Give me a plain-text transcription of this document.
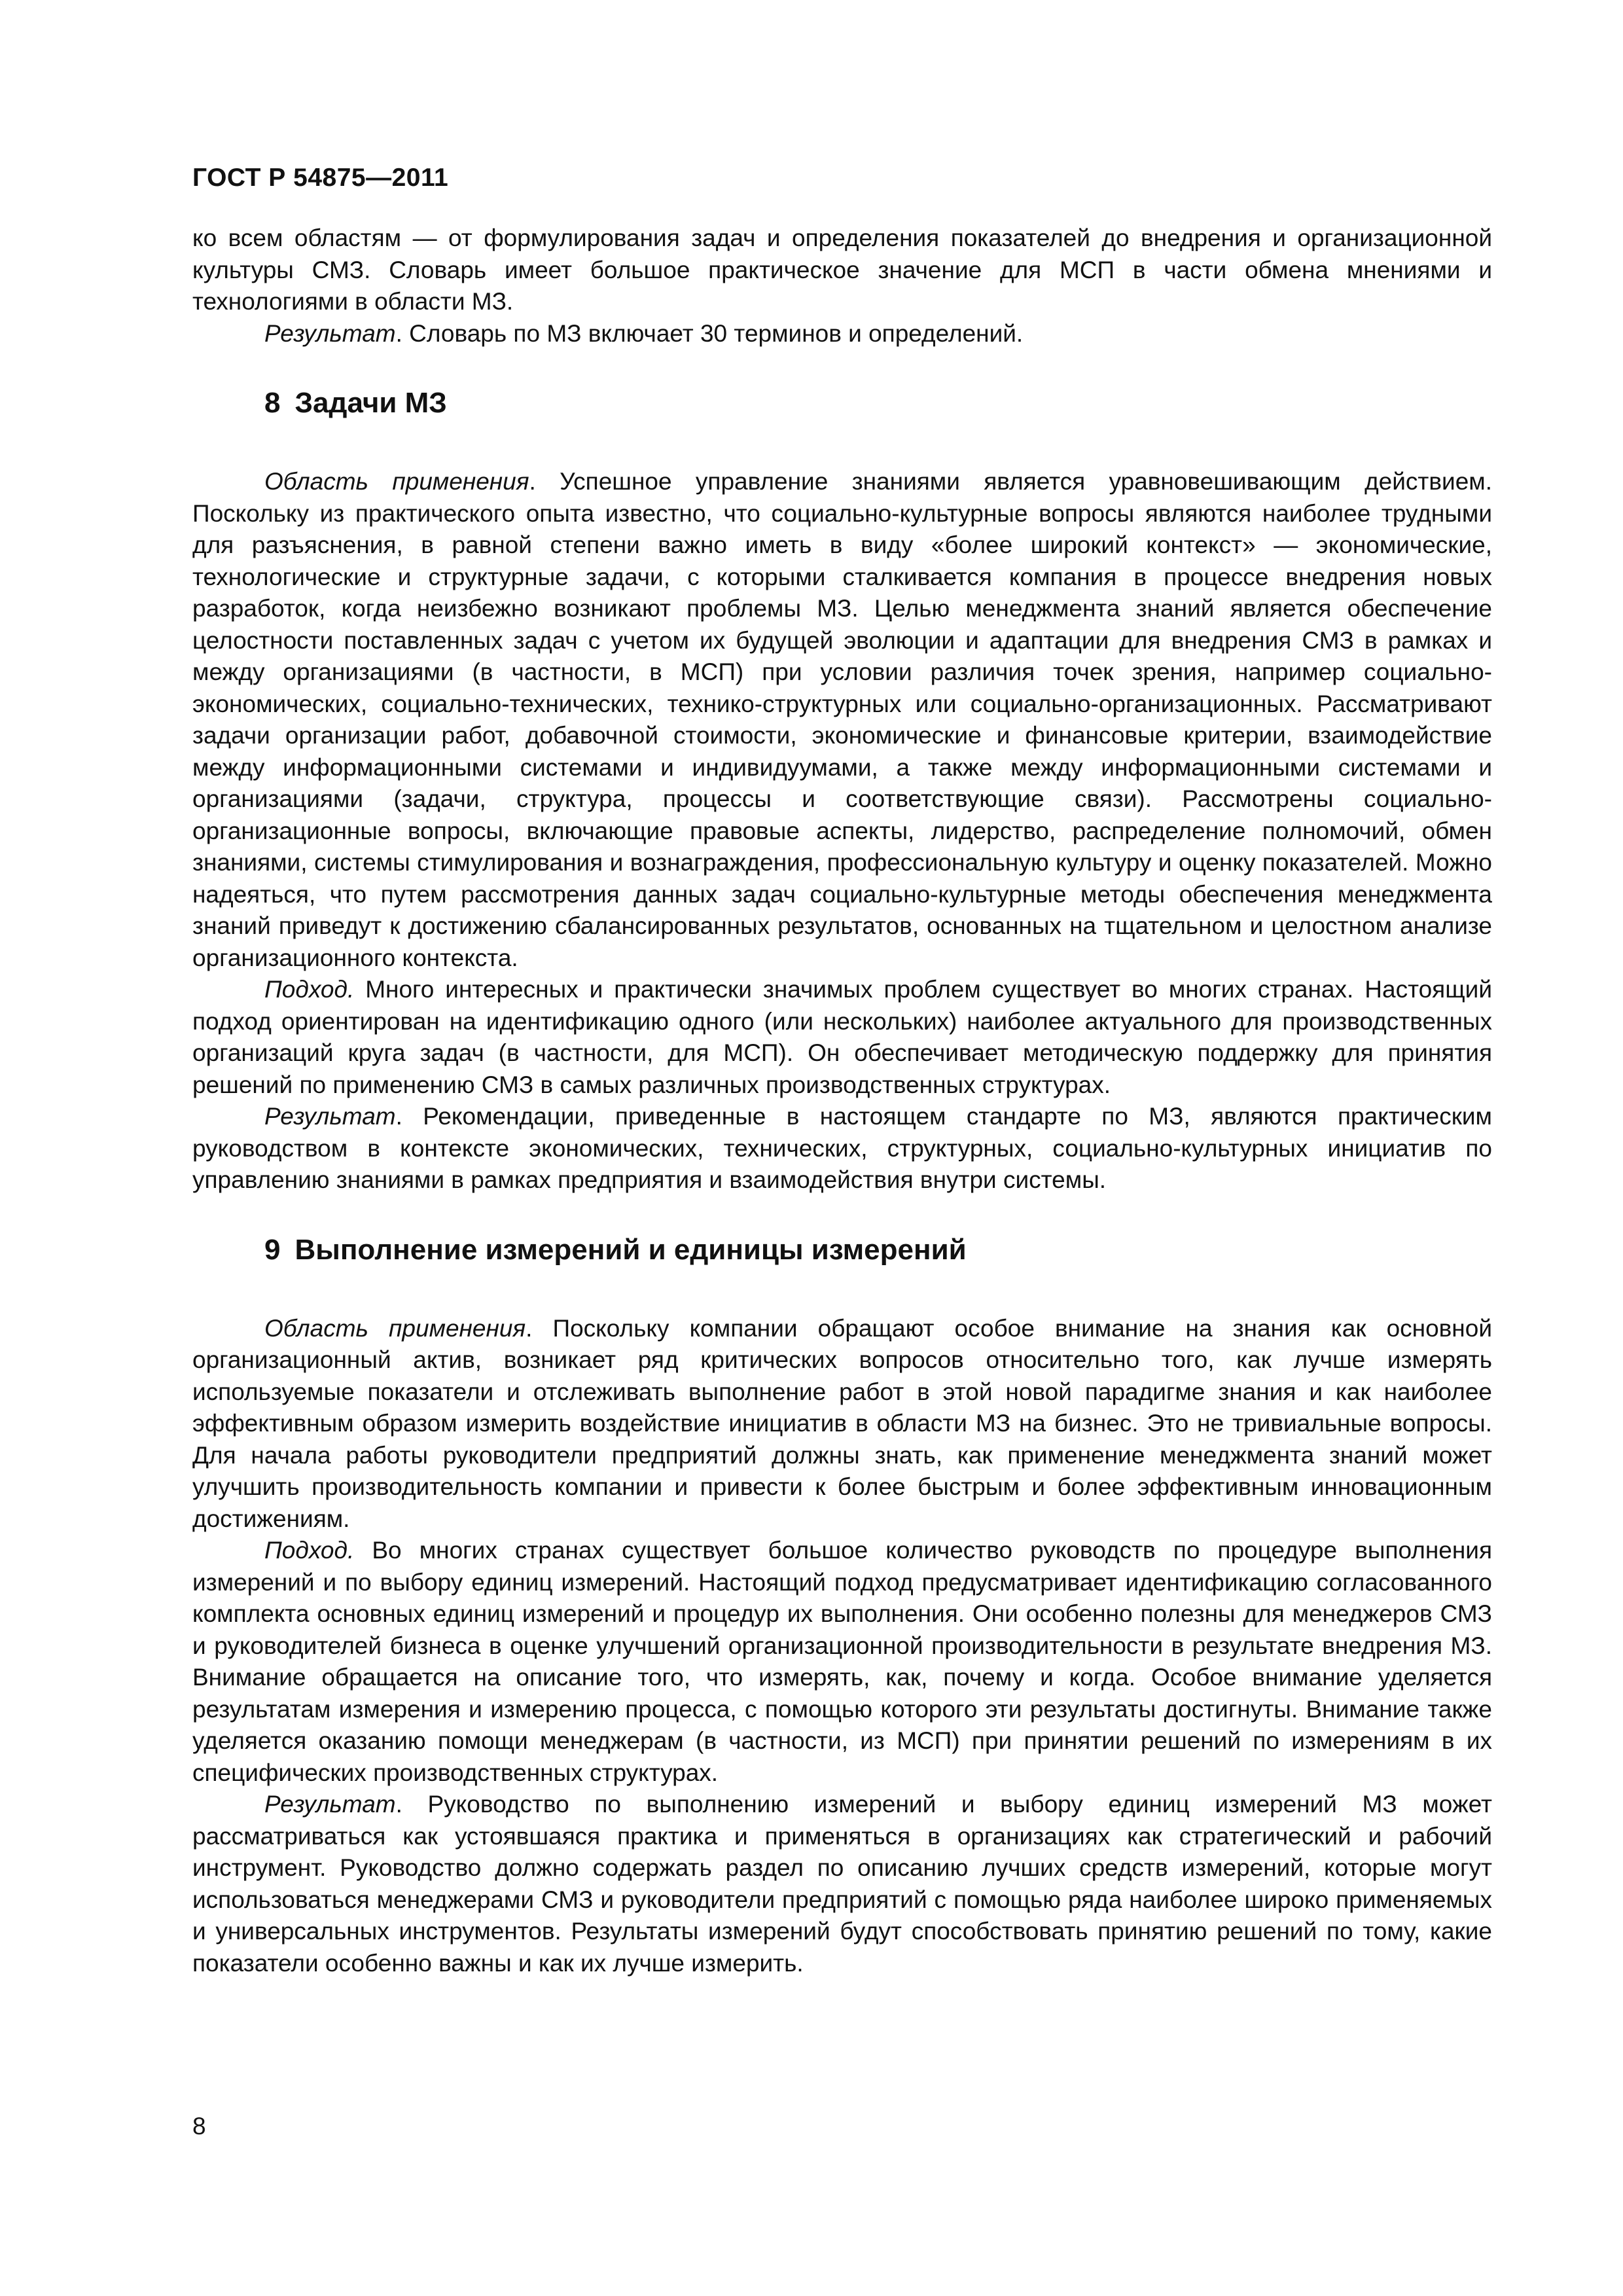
ГОСТ Р 54875—2011

ко всем областям — от формулирования задач и определения показателей до внедрения и организационной культуры СМЗ. Словарь имеет большое практическое значение для МСП в части обмена мнениями и технологиями в области МЗ.

Результат. Словарь по МЗ включает 30 терминов и определений.

8 Задачи МЗ

Область применения. Успешное управление знаниями является уравновешивающим действием. Поскольку из практического опыта известно, что социально-культурные вопросы являются наиболее трудными для разъяснения, в равной степени важно иметь в виду «более широкий контекст» — экономические, технологические и структурные задачи, с которыми сталкивается компания в процессе внедрения новых разработок, когда неизбежно возникают проблемы МЗ. Целью менеджмента знаний является обеспечение целостности поставленных задач с учетом их будущей эволюции и адаптации для внедрения СМЗ в рамках и между организациями (в частности, в МСП) при условии различия точек зрения, например социально-экономических, социально-технических, технико-структурных или социально-организационных. Рассматривают задачи организации работ, добавочной стоимости, экономические и финансовые критерии, взаимодействие между информационными системами и индивидуумами, а также между информационными системами и организациями (задачи, структура, процессы и соответствующие связи). Рассмотрены социально-организационные вопросы, включающие правовые аспекты, лидерство, распределение полномочий, обмен знаниями, системы стимулирования и вознаграждения, профессиональную культуру и оценку показателей. Можно надеяться, что путем рассмотрения данных задач социально-культурные методы обеспечения менеджмента знаний приведут к достижению сбалансированных результатов, основанных на тщательном и целостном анализе организационного контекста.

Подход. Много интересных и практически значимых проблем существует во многих странах. Настоящий подход ориентирован на идентификацию одного (или нескольких) наиболее актуального для производственных организаций круга задач (в частности, для МСП). Он обеспечивает методическую поддержку для принятия решений по применению СМЗ в самых различных производственных структурах.

Результат. Рекомендации, приведенные в настоящем стандарте по МЗ, являются практическим руководством в контексте экономических, технических, структурных, социально-культурных инициатив по управлению знаниями в рамках предприятия и взаимодействия внутри системы.

9 Выполнение измерений и единицы измерений

Область применения. Поскольку компании обращают особое внимание на знания как основной организационный актив, возникает ряд критических вопросов относительно того, как лучше измерять используемые показатели и отслеживать выполнение работ в этой новой парадигме знания и как наиболее эффективным образом измерить воздействие инициатив в области МЗ на бизнес. Это не тривиальные вопросы. Для начала работы руководители предприятий должны знать, как применение менеджмента знаний может улучшить производительность компании и привести к более быстрым и более эффективным инновационным достижениям.

Подход. Во многих странах существует большое количество руководств по процедуре выполнения измерений и по выбору единиц измерений. Настоящий подход предусматривает идентификацию согласованного комплекта основных единиц измерений и процедур их выполнения. Они особенно полезны для менеджеров СМЗ и руководителей бизнеса в оценке улучшений организационной производительности в результате внедрения МЗ. Внимание обращается на описание того, что измерять, как, почему и когда. Особое внимание уделяется результатам измерения и измерению процесса, с помощью которого эти результаты достигнуты. Внимание также уделяется оказанию помощи менеджерам (в частности, из МСП) при принятии решений по измерениям в их специфических производственных структурах.

Результат. Руководство по выполнению измерений и выбору единиц измерений МЗ может рассматриваться как устоявшаяся практика и применяться в организациях как стратегический и рабочий инструмент. Руководство должно содержать раздел по описанию лучших средств измерений, которые могут использоваться менеджерами СМЗ и руководители предприятий с помощью ряда наиболее широко применяемых и универсальных инструментов. Результаты измерений будут способствовать принятию решений по тому, какие показатели особенно важны и как их лучше измерить.

8
